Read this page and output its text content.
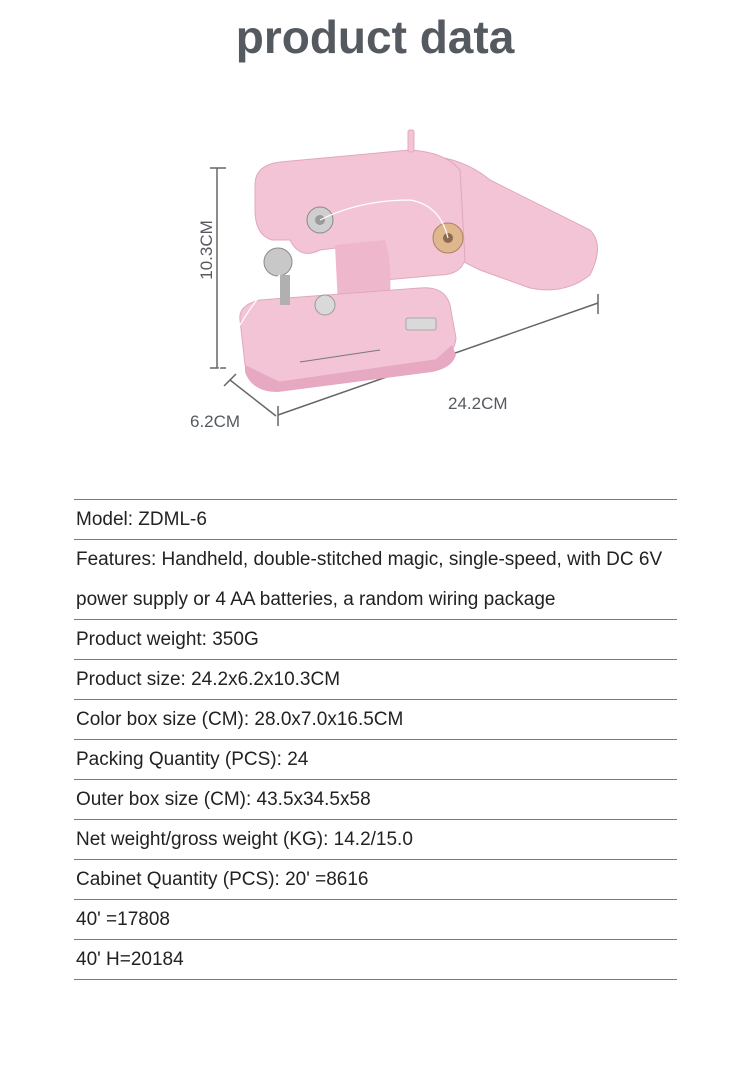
product data
10.3CM
24.2CM
6.2CM
Model: ZDML-6
Features: Handheld, double-stitched magic, single-speed, with DC 6V power supply or 4 AA batteries, a random wiring package
Product weight: 350G
Product size: 24.2x6.2x10.3CM
Color box size (CM): 28.0x7.0x16.5CM
Packing Quantity (PCS): 24
Outer box size (CM): 43.5x34.5x58
Net weight/gross weight (KG): 14.2/15.0
Cabinet Quantity (PCS): 20' =8616
40' =17808
40' H=20184
